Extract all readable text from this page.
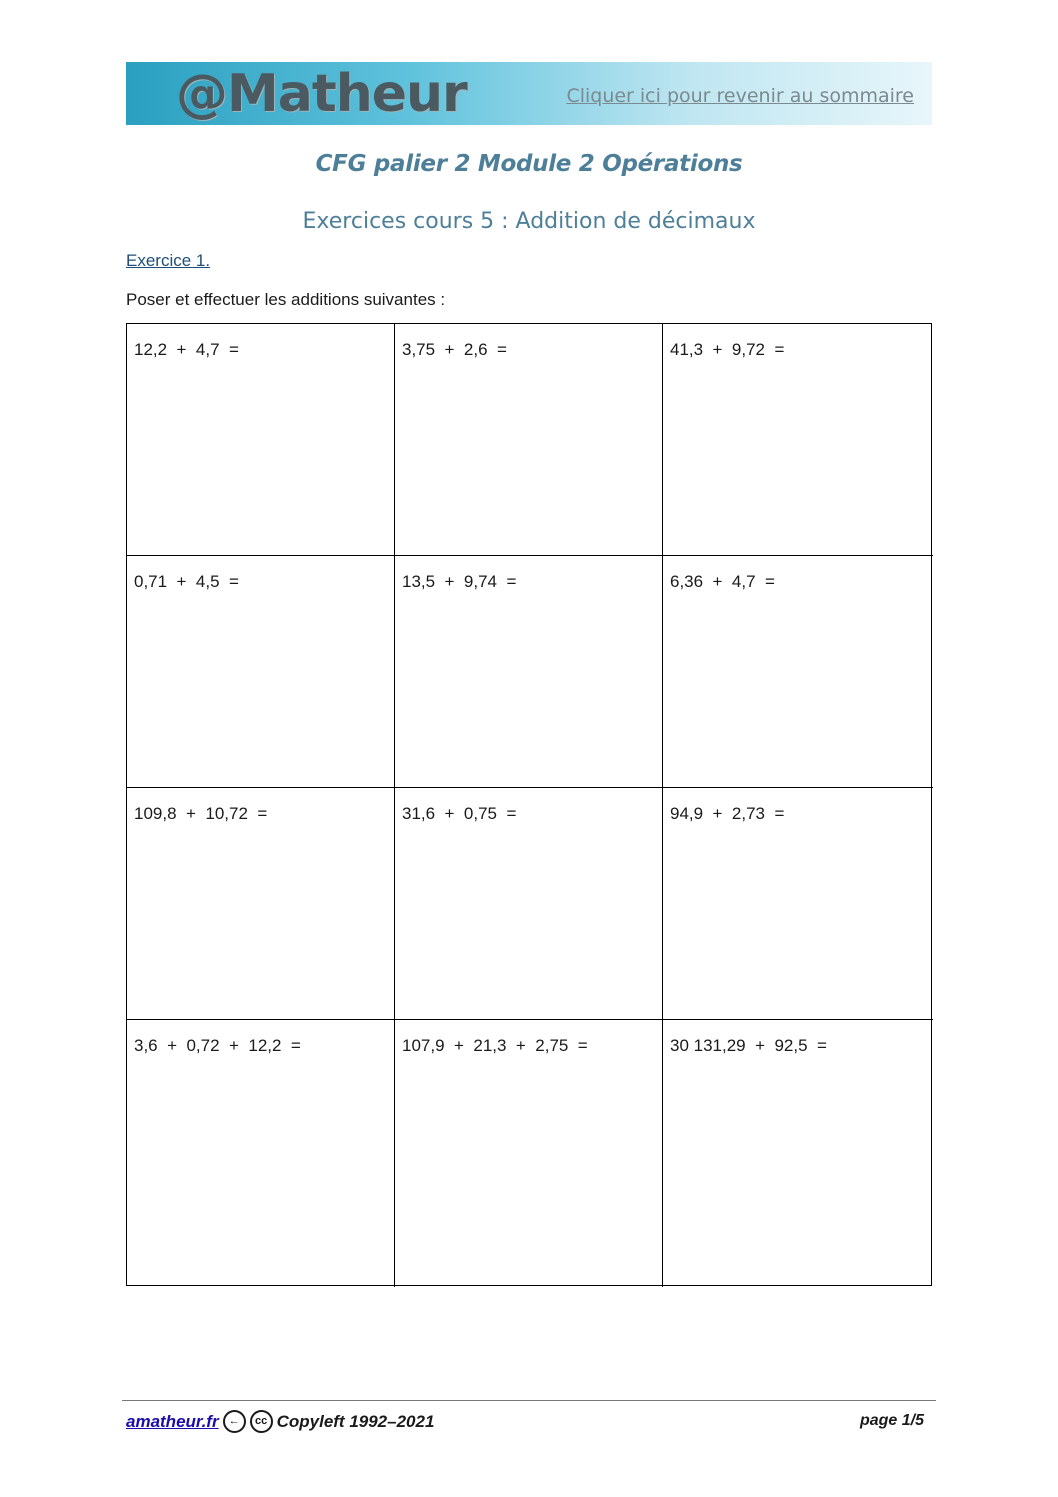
@Matheur	Cliquer ici pour revenir au sommaire
CFG palier 2 Module 2 Opérations
Exercices cours 5 : Addition de décimaux
Exercice 1.
Poser et effectuer les additions suivantes :
12,2  +  4,7  =	3,75  +  2,6  =	41,3  +  9,72  =
0,71  +  4,5  =	13,5  +  9,74  =	6,36  +  4,7  =
109,8  +  10,72  =	31,6  +  0,75  =	94,9  +  2,73  =
3,6  +  0,72  +  12,2  =	107,9  +  21,3  +  2,75  =	30 131,29  +  92,5  =
amatheur.fr ←	cc Copyleft 1992–2021	page 1/5
